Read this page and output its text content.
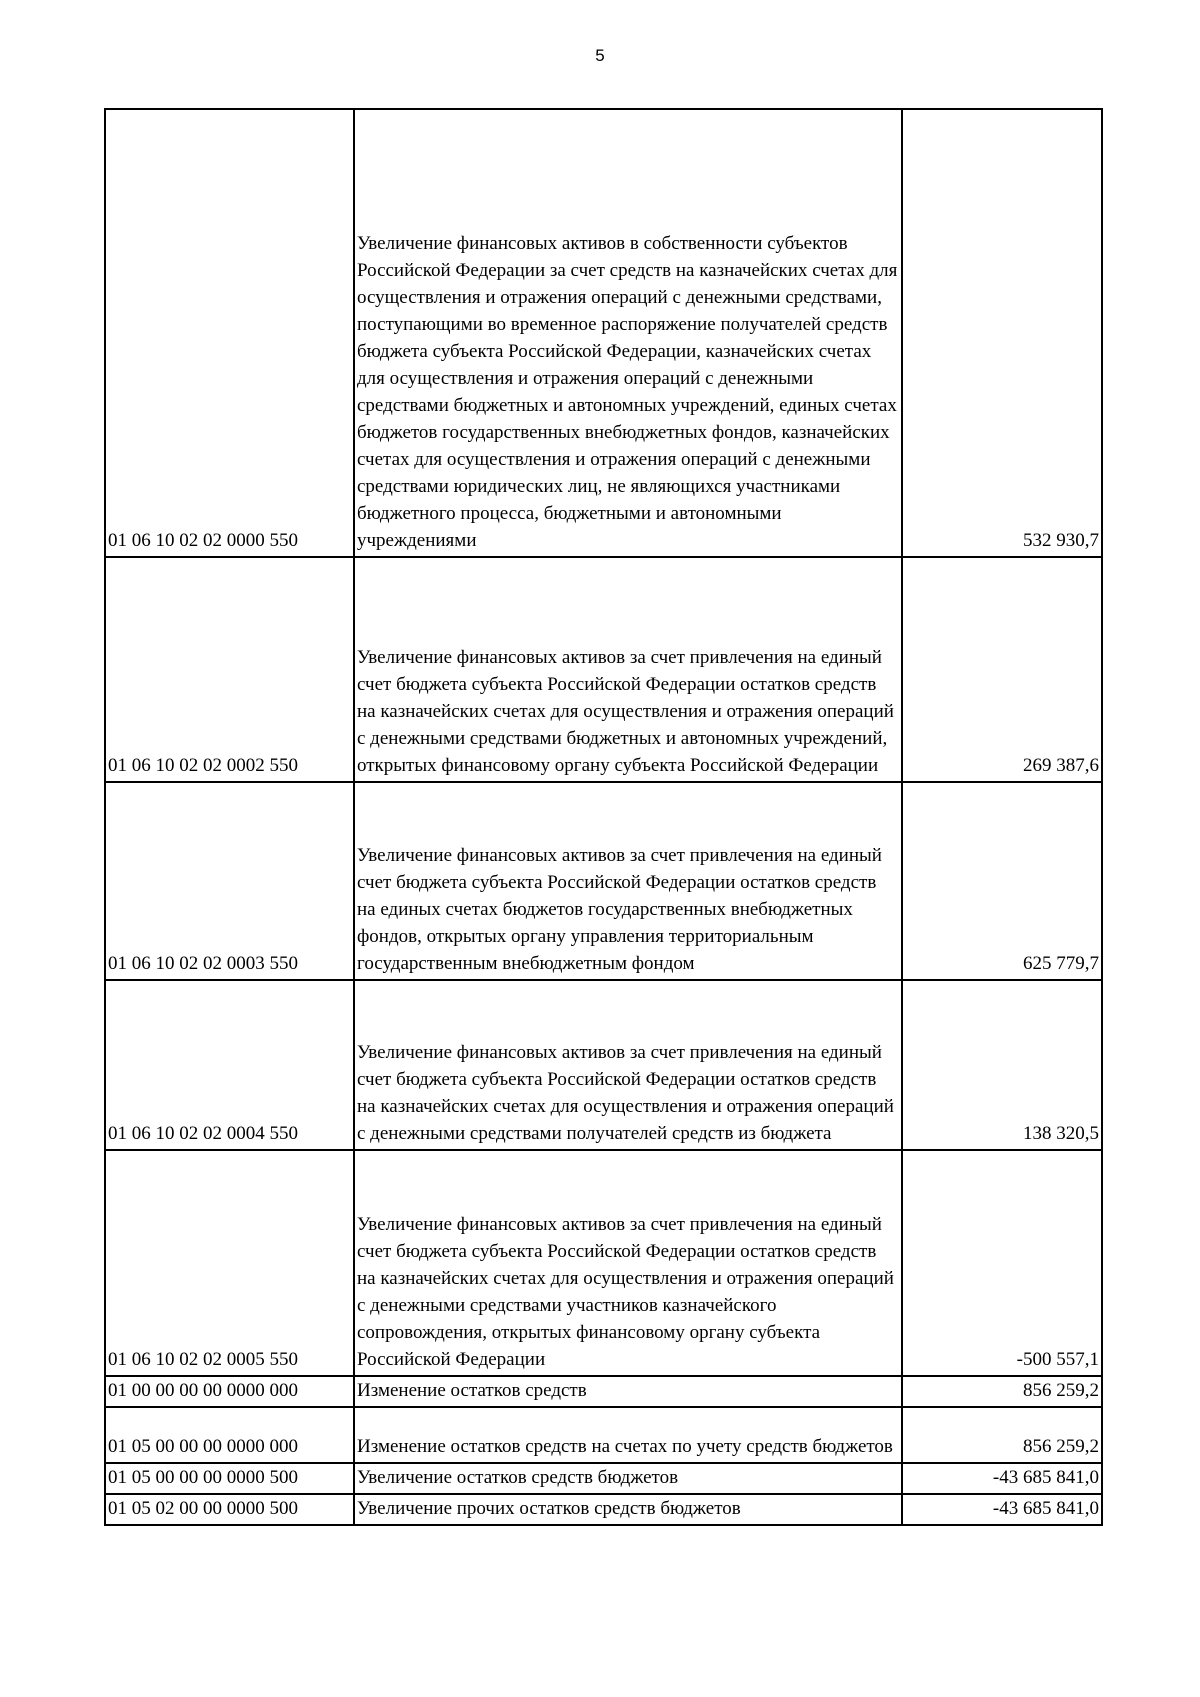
5
01 06 10 02 02 0000 550	Увеличение финансовых активов в собственности субъектов Российской Федерации за счет средств на казначейских счетах для осуществления и отражения операций с денежными средствами, поступающими во временное распоряжение получателей средств бюджета субъекта Российской Федерации, казначейских счетах для осуществления и отражения операций с денежными средствами бюджетных и автономных учреждений, единых счетах бюджетов государственных внебюджетных фондов, казначейских счетах для осуществления и отражения операций с денежными средствами юридических лиц, не являющихся участниками бюджетного процесса, бюджетными и автономными учреждениями	532 930,7
01 06 10 02 02 0002 550	Увеличение финансовых активов за счет привлечения на единый счет бюджета субъекта Российской Федерации остатков средств на казначейских счетах для осуществления и отражения операций с денежными средствами бюджетных и автономных учреждений, открытых финансовому органу субъекта Российской Федерации	269 387,6
01 06 10 02 02 0003 550	Увеличение финансовых активов за счет привлечения на единый счет бюджета субъекта Российской Федерации остатков средств на единых счетах бюджетов государственных внебюджетных фондов, открытых органу управления территориальным государственным внебюджетным фондом	625 779,7
01 06 10 02 02 0004 550	Увеличение финансовых активов за счет привлечения на единый счет бюджета субъекта Российской Федерации остатков средств на казначейских счетах для осуществления и отражения операций с денежными средствами получателей средств из бюджета	138 320,5
01 06 10 02 02 0005 550	Увеличение финансовых активов за счет привлечения на единый счет бюджета субъекта Российской Федерации остатков средств на казначейских счетах для осуществления и отражения операций с денежными средствами участников казначейского сопровождения, открытых финансовому органу субъекта Российской Федерации	-500 557,1
01 00 00 00 00 0000 000	Изменение остатков средств	856 259,2
01 05 00 00 00 0000 000	Изменение остатков средств на счетах по учету средств бюджетов	856 259,2
01 05 00 00 00 0000 500	Увеличение остатков средств бюджетов	-43 685 841,0
01 05 02 00 00 0000 500	Увеличение прочих остатков средств бюджетов	-43 685 841,0
